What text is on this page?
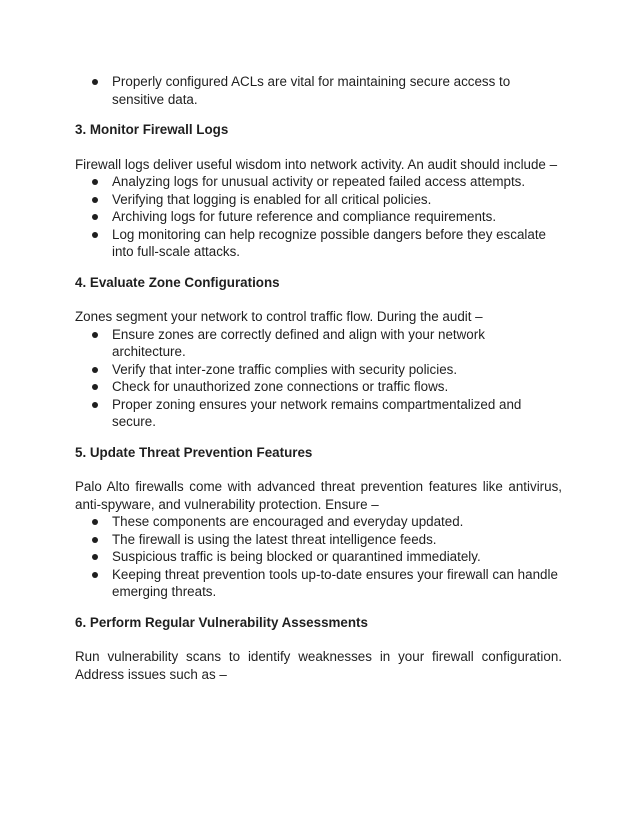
Properly configured ACLs are vital for maintaining secure access to sensitive data.

3. Monitor Firewall Logs

Firewall logs deliver useful wisdom into network activity. An audit should include –

Analyzing logs for unusual activity or repeated failed access attempts.
Verifying that logging is enabled for all critical policies.
Archiving logs for future reference and compliance requirements.
Log monitoring can help recognize possible dangers before they escalate into full-scale attacks.

4. Evaluate Zone Configurations

Zones segment your network to control traffic flow. During the audit –

Ensure zones are correctly defined and align with your network architecture.
Verify that inter-zone traffic complies with security policies.
Check for unauthorized zone connections or traffic flows.
Proper zoning ensures your network remains compartmentalized and secure.

5. Update Threat Prevention Features

Palo Alto firewalls come with advanced threat prevention features like antivirus, anti-spyware, and vulnerability protection. Ensure –

These components are encouraged and everyday updated.
The firewall is using the latest threat intelligence feeds.
Suspicious traffic is being blocked or quarantined immediately.
Keeping threat prevention tools up-to-date ensures your firewall can handle emerging threats.

6. Perform Regular Vulnerability Assessments

Run vulnerability scans to identify weaknesses in your firewall configuration. Address issues such as –
